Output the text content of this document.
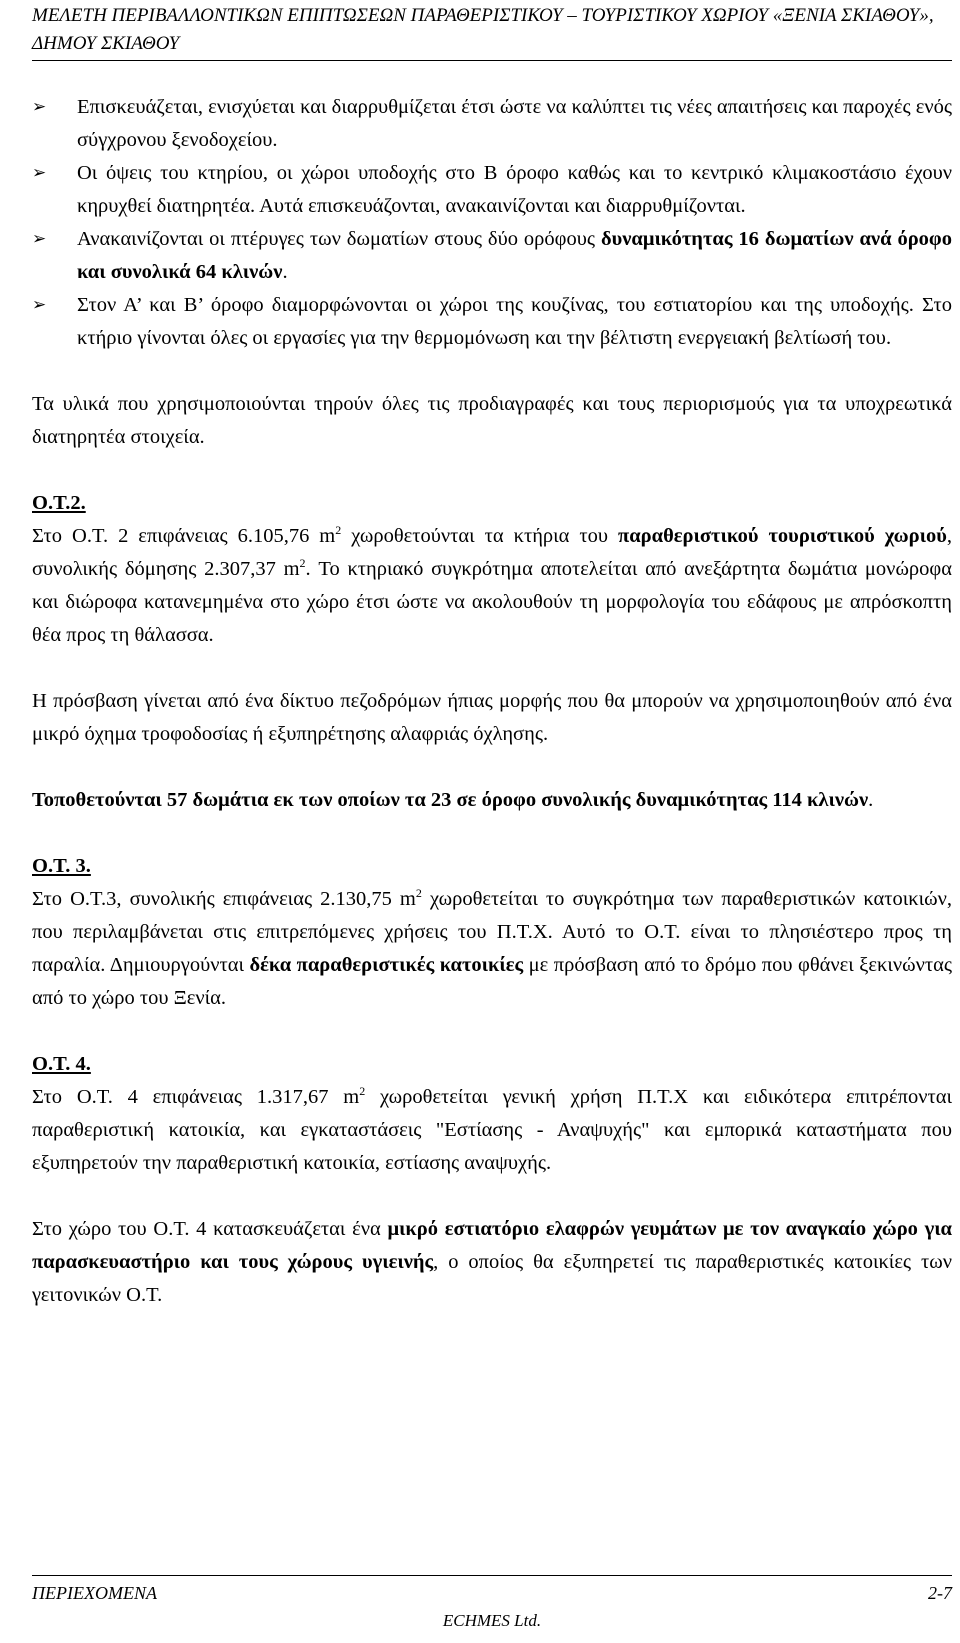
ΜΕΛΕΤΗ ΠΕΡΙΒΑΛΛΟΝΤΙΚΩΝ ΕΠΙΠΤΩΣΕΩΝ ΠΑΡΑΘΕΡΙΣΤΙΚΟΥ – ΤΟΥΡΙΣΤΙΚΟΥ ΧΩΡΙΟΥ «ΞΕΝΙΑ ΣΚΙΑΘΟΥ»,
ΔΗΜΟΥ ΣΚΙΑΘΟΥ
➢ Επισκευάζεται, ενισχύεται και διαρρυθμίζεται έτσι ώστε να καλύπτει τις νέες απαιτήσεις και παροχές ενός σύγχρονου ξενοδοχείου.
➢ Οι όψεις του κτηρίου, οι χώροι υποδοχής στο Β όροφο καθώς και το κεντρικό κλιμακοστάσιο έχουν κηρυχθεί διατηρητέα. Αυτά επισκευάζονται, ανακαινίζονται και διαρρυθμίζονται.
➢ Ανακαινίζονται οι πτέρυγες των δωματίων στους δύο ορόφους δυναμικότητας 16 δωματίων ανά όροφο και συνολικά 64 κλινών.
➢ Στον Α’ και Β’ όροφο διαμορφώνονται οι χώροι της κουζίνας, του εστιατορίου και της υποδοχής. Στο κτήριο γίνονται όλες οι εργασίες για την θερμομόνωση και την βέλτιστη ενεργειακή βελτίωσή του.

Τα υλικά που χρησιμοποιούνται τηρούν όλες τις προδιαγραφές και τους περιορισμούς για τα υποχρεωτικά διατηρητέα στοιχεία.

Ο.Τ.2.

Στο Ο.Τ. 2 επιφάνειας 6.105,76 $m^2$ χωροθετούνται τα κτήρια του παραθεριστικού τουριστικού χωριού, συνολικής δόμησης 2.307,37 $m^2$. Το κτηριακό συγκρότημα αποτελείται από ανεξάρτητα δωμάτια μονώροφα και διώροφα κατανεμημένα στο χώρο έτσι ώστε να ακολουθούν τη μορφολογία του εδάφους με απρόσκοπτη θέα προς τη θάλασσα.

Η πρόσβαση γίνεται από ένα δίκτυο πεζοδρόμων ήπιας μορφής που θα μπορούν να χρησιμοποιηθούν από ένα μικρό όχημα τροφοδοσίας ή εξυπηρέτησης αλαφριάς όχλησης.

Τοποθετούνται 57 δωμάτια εκ των οποίων τα 23 σε όροφο συνολικής δυναμικότητας 114 κλινών.

Ο.Τ. 3.

Στο Ο.Τ.3, συνολικής επιφάνειας 2.130,75 $m^2$ χωροθετείται το συγκρότημα των παραθεριστικών κατοικιών, που περιλαμβάνεται στις επιτρεπόμενες χρήσεις του Π.Τ.Χ. Αυτό το Ο.Τ. είναι το πλησιέστερο προς τη παραλία. Δημιουργούνται δέκα παραθεριστικές κατοικίες με πρόσβαση από το δρόμο που φθάνει ξεκινώντας από το χώρο του Ξενία.

Ο.Τ. 4.

Στο Ο.Τ. 4 επιφάνειας 1.317,67 $m^2$ χωροθετείται γενική χρήση Π.Τ.Χ και ειδικότερα επιτρέπονται παραθεριστική κατοικία, και εγκαταστάσεις "Εστίασης - Αναψυχής" και εμπορικά καταστήματα που εξυπηρετούν την παραθεριστική κατοικία, εστίασης αναψυχής.

Στο χώρο του Ο.Τ. 4 κατασκευάζεται ένα μικρό εστιατόριο ελαφρών γευμάτων με τον αναγκαίο χώρο για παρασκευαστήριο και τους χώρους υγιεινής, ο οποίος θα εξυπηρετεί τις παραθεριστικές κατοικίες των γειτονικών Ο.Τ.

ΠΕΡΙΕΧΟΜΕΝΑ	2-7
ECHMES Ltd.
